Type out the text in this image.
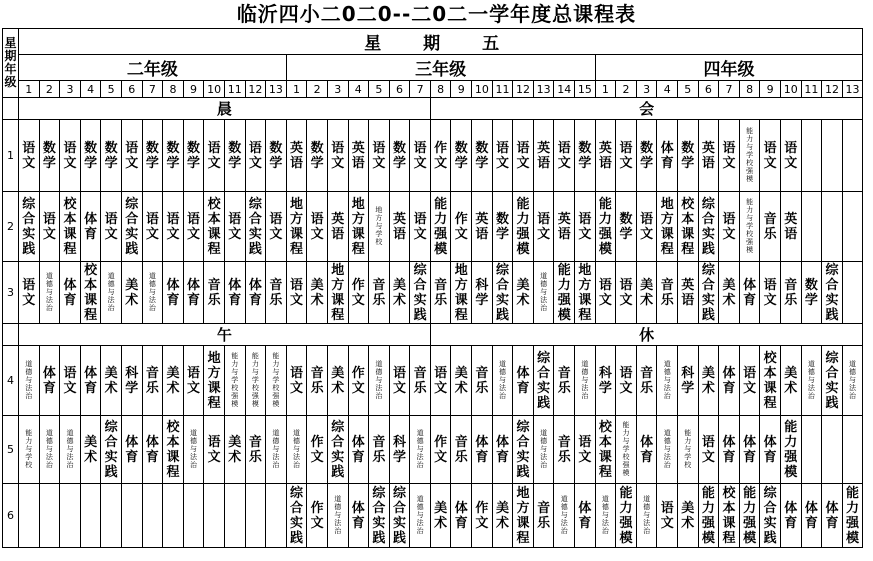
临沂四小二0二0--二0二一学年度总课程表
星期年级	星 期 五																																								
	二年级													三年级															四年级												
	1	2	3	4	5	6	7	8	9	10	11	12	13	1	2	3	4	5	6	7	8	9	10	11	12	13	14	15	1	2	3	4	5	6	7	8	9	10	11	12	13
	晨																				会																				
1	语文	数学	语文	数学	数学	语文	数学	数学	数学	语文	数学	语文	数学	英语	数学	语文	英语	语文	数学	语文	作文	数学	数学	语文	语文	英语	语文	数学	英语	语文	数学	体育	数学	英语	语文	能力与学校强模	语文	语文			
2	综合实践	语文	校本课程	体育	语文	综合实践	语文	语文	语文	校本课程	语文	综合实践	语文	地方课程	语文	英语	地方课程	地方与学校	英语	语文	能力强模	作文	英语	数学	能力强模	语文	英语	语文	能力强模	数学	语文	地方课程	校本课程	综合实践	语文	能力与学校强模	音乐	英语			
3	语文	道德与法治	体育	校本课程	道德与法治	美术	道德与法治	体育	体育	音乐	体育	体育	音乐	语文	美术	地方课程	作文	音乐	美术	综合实践	音乐	地方课程	科学	综合实践	美术	道德与法治	能力强模	地方课程	语文	语文	美术	音乐	英语	综合实践	美术	体育	语文	音乐	数学	综合实践	
	午																				休																				
4	道德与法治	体育	语文	体育	美术	科学	音乐	美术	语文	地方课程	能力与学校强模	能力与学校强模	能力与学校强模	语文	音乐	美术	作文	道德与法治	语文	音乐	语文	美术	音乐	道德与法治	体育	综合实践	音乐	道德与法治	科学	语文	音乐	道德与法治	科学	美术	体育	语文	校本课程	美术	道德与法治	综合实践	道德与法治
5	能力与学校	道德与法治	道德与法治	美术	综合实践	体育	体育	校本课程	道德与法治	语文	美术	音乐	道德与法治	道德与法治	作文	综合实践	体育	音乐	科学	道德与法治	作文	音乐	体育	体育	综合实践	道德与法治	音乐	语文	校本课程	能力与学校强模	体育	道德与法治	能力与学校	语文	体育	体育	体育	能力强模			
6														综合实践	作文	道德与法治	体育	综合实践	综合实践	道德与法治	美术	体育	作文	美术	地方课程	音乐	道德与法治	体育	道德与法治	能力强模	道德与法治	语文	美术	能力强模	校本课程	能力强模	综合实践	体育	体育	体育	能力强模
